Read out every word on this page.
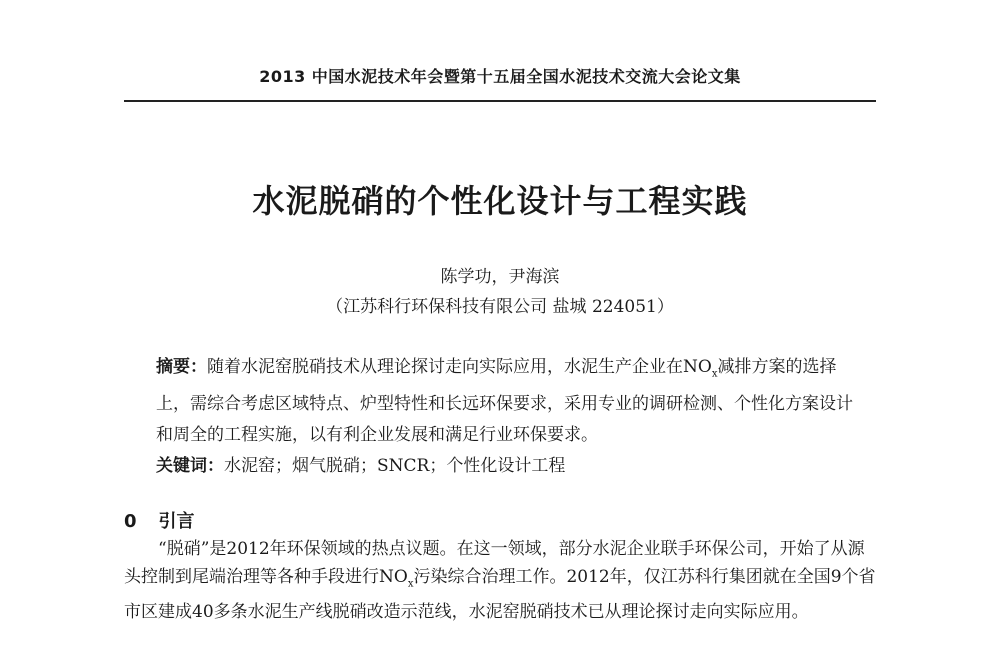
2013 中国水泥技术年会暨第十五届全国水泥技术交流大会论文集
水泥脱硝的个性化设计与工程实践
陈学功，尹海滨
（江苏科行环保科技有限公司 盐城 224051）
摘要：随着水泥窑脱硝技术从理论探讨走向实际应用，水泥生产企业在$NO_x$减排方案的选择上，需综合考虑区域特点、炉型特性和长远环保要求，采用专业的调研检测、个性化方案设计和周全的工程实施，以有利企业发展和满足行业环保要求。
关键词：水泥窑；烟气脱硝；SNCR；个性化设计工程
0 引言
“脱硝”是2012年环保领域的热点议题。在这一领域，部分水泥企业联手环保公司，开始了从源头控制到尾端治理等各种手段进行$NO_x$污染综合治理工作。2012年，仅江苏科行集团就在全国9个省市区建成40多条水泥生产线脱硝改造示范线，水泥窑脱硝技术已从理论探讨走向实际应用。
